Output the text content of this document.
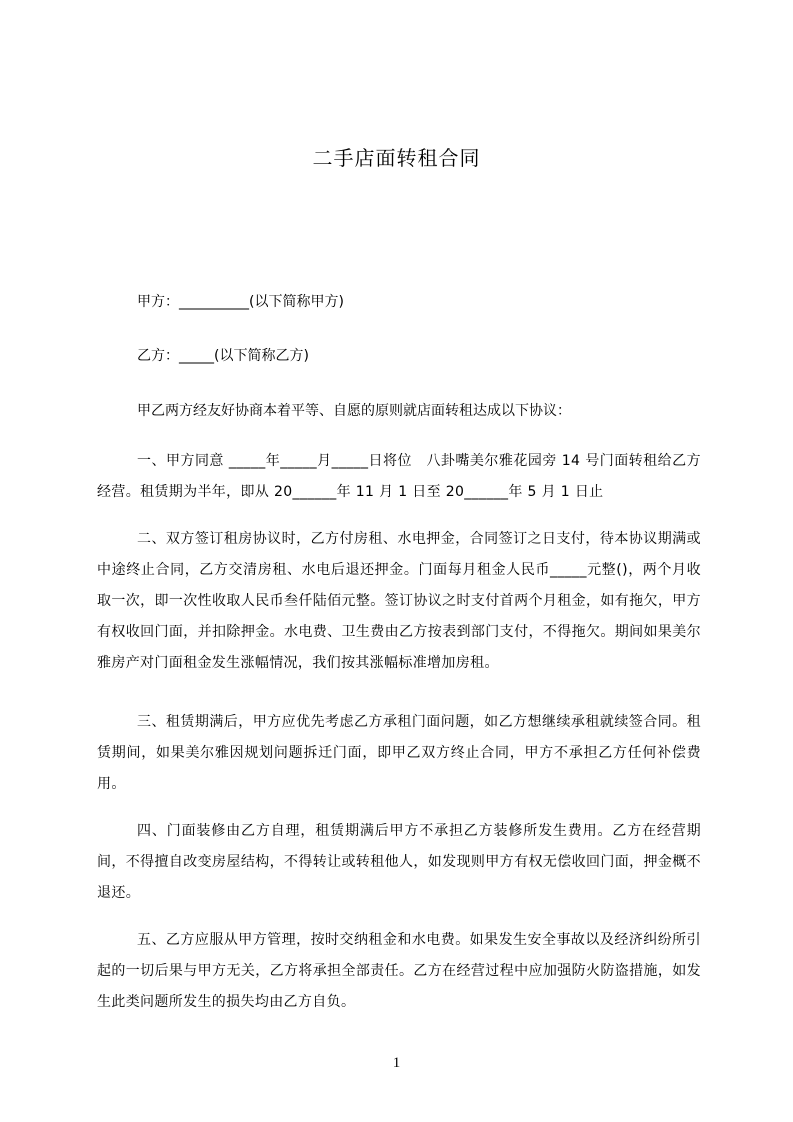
二手店面转租合同
甲方：__________(以下简称甲方)
乙方：_____(以下简称乙方)
甲乙两方经友好协商本着平等、自愿的原则就店面转租达成以下协议：
一、甲方同意 _____年_____月_____日将位　八卦嘴美尔雅花园旁 14 号门面转租给乙方经营。租赁期为半年，即从 20______年 11 月 1 日至 20______年 5 月 1 日止
二、双方签订租房协议时，乙方付房租、水电押金，合同签订之日支付，待本协议期满或中途终止合同，乙方交清房租、水电后退还押金。门面每月租金人民币_____元整()，两个月收取一次，即一次性收取人民币叁仟陆佰元整。签订协议之时支付首两个月租金，如有拖欠，甲方有权收回门面，并扣除押金。水电费、卫生费由乙方按表到部门支付，不得拖欠。期间如果美尔雅房产对门面租金发生涨幅情况，我们按其涨幅标准增加房租。
三、租赁期满后，甲方应优先考虑乙方承租门面问题，如乙方想继续承租就续签合同。租赁期间，如果美尔雅因规划问题拆迁门面，即甲乙双方终止合同，甲方不承担乙方任何补偿费用。
四、门面装修由乙方自理，租赁期满后甲方不承担乙方装修所发生费用。乙方在经营期间，不得擅自改变房屋结构，不得转让或转租他人，如发现则甲方有权无偿收回门面，押金概不退还。
五、乙方应服从甲方管理，按时交纳租金和水电费。如果发生安全事故以及经济纠纷所引起的一切后果与甲方无关，乙方将承担全部责任。乙方在经营过程中应加强防火防盗措施，如发生此类问题所发生的损失均由乙方自负。
1
